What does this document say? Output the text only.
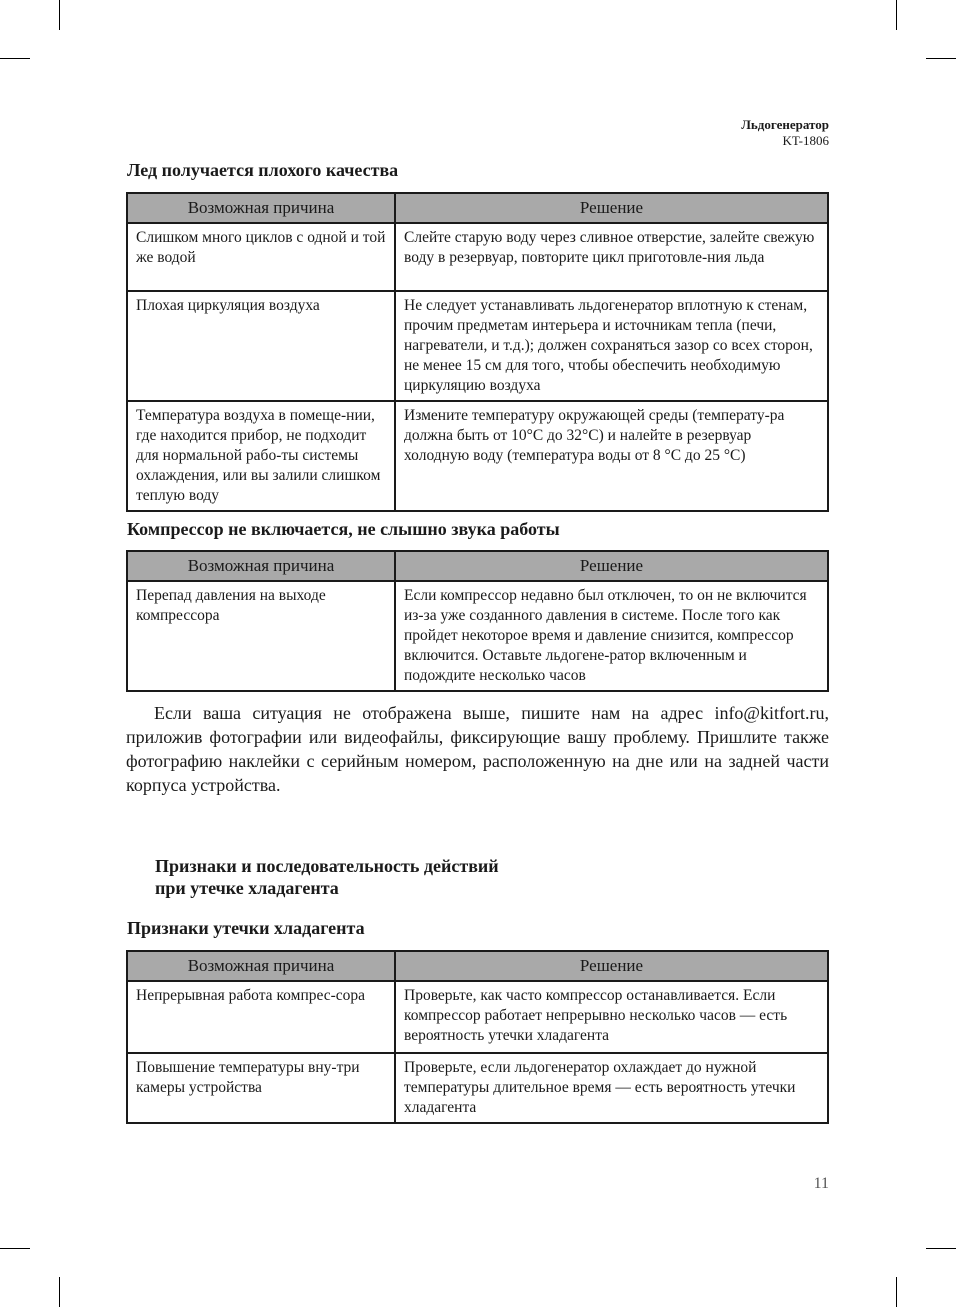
Льдогенератор
KT-1806
Лед получается плохого качества
Возможная причина	Решение
Слишком много циклов с одной и той же водой	Слейте старую воду через сливное отверстие, залейте свежую воду в резервуар, повторите цикл приготовле-ния льда
Плохая циркуляция воздуха	Не следует устанавливать льдогенератор вплотную к стенам, прочим предметам интерьера и источникам тепла (печи, нагреватели, и т.д.); должен сохраняться зазор со всех сторон, не менее 15 см для того, чтобы обеспечить необходимую циркуляцию воздуха
Температура воздуха в помеще-нии, где находится прибор, не подходит для нормальной рабо-ты системы охлаждения, или вы залили слишком теплую воду	Измените температуру окружающей среды (температу-ра должна быть от 10°C до 32°C) и налейте в резервуар холодную воду (температура воды от 8 °C до 25 °C)
Компрессор не включается, не слышно звука работы
Возможная причина	Решение
Перепад давления на выходе компрессора	Если компрессор недавно был отключен, то он не включится из-за уже созданного давления в системе. После того как пройдет некоторое время и давление снизится, компрессор включится. Оставьте льдогене-ратор включенным и подождите несколько часов

Если ваша ситуация не отображена выше, пишите нам на адрес info@kitfort.ru, приложив фотографии или видеофайлы, фиксирующие вашу проблему. Пришлите также фотографию наклейки с серийным номером, расположенную на дне или на задней части корпуса устройства.

Признаки и последовательность действий
при утечке хладагента
Признаки утечки хладагента
Возможная причина	Решение
Непрерывная работа компрес-сора	Проверьте, как часто компрессор останавливается. Если компрессор работает непрерывно несколько часов — есть вероятность утечки хладагента
Повышение температуры вну-три камеры устройства	Проверьте, если льдогенератор охлаждает до нужной температуры длительное время — есть вероятность утечки хладагента
11
